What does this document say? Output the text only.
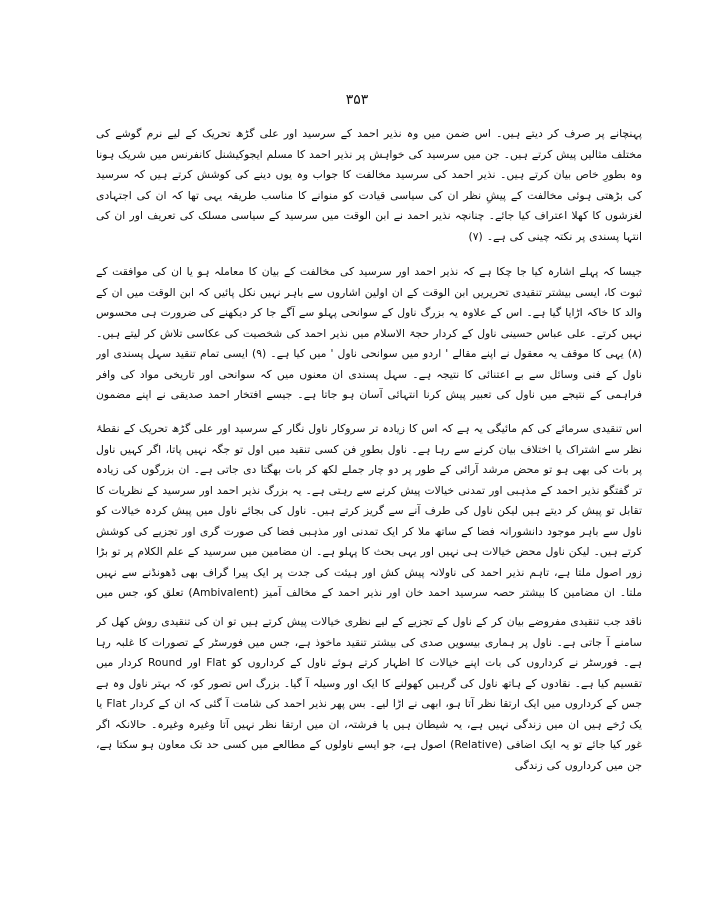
۳۵۳

پہنچانے پر صرف کر دیتے ہیں۔ اس ضمن میں وہ نذیر احمد کے سرسید اور علی گڑھ تحریک کے لیے نرم گوشے کی مختلف مثالیں پیش کرتے ہیں۔ جن میں سرسید کی خواہش پر نذیر احمد کا مسلم ایجوکیشنل کانفرنس میں شریک ہونا وہ بطورِ خاص بیان کرتے ہیں۔ نذیر احمد کی سرسید مخالفت کا جواب وہ یوں دینے کی کوشش کرتے ہیں کہ سرسید کی بڑھتی ہوئی مخالفت کے پیشِ نظر ان کی سیاسی قیادت کو منوانے کا مناسب طریقہ یہی تھا کہ ان کی اجتہادی لغزشوں کا کھلا اعتراف کیا جائے۔ چنانچہ نذیر احمد نے ابن الوقت میں سرسید کے سیاسی مسلک کی تعریف اور ان کی انتہا پسندی پر نکتہ چینی کی ہے۔ (۷)

جیسا کہ پہلے اشارہ کیا جا چکا ہے کہ نذیر احمد اور سرسید کی مخالفت کے بیان کا معاملہ ہو یا ان کی موافقت کے ثبوت کا، ایسی بیشتر تنقیدی تحریریں ابن الوقت کے ان اولین اشاروں سے باہر نہیں نکل پائیں کہ ابن الوقت میں ان کے والد کا خاکہ اڑایا گیا ہے۔ اس کے علاوہ یہ بزرگ ناول کے سوانحی پہلو سے آگے جا کر دیکھنے کی ضرورت ہی محسوس نہیں کرتے۔ علی عباس حسینی ناول کے کردار حجۃ الاسلام میں نذیر احمد کی شخصیت کی عکاسی تلاش کر لیتے ہیں۔ (۸) یہی کا موقف یہ معقول نے اپنے مقالے ' اردو میں سوانحی ناول ' میں کیا ہے۔ (۹) ایسی تمام تنقید سہل پسندی اور ناول کے فنی وسائل سے بے اعتنائی کا نتیجہ ہے۔ سہل پسندی ان معنوں میں کہ سوانحی اور تاریخی مواد کی وافر فراہمی کے نتیجے میں ناول کی تعبیر پیش کرنا انتہائی آسان ہو جاتا ہے۔ جیسے افتخار احمد صدیقی نے اپنے مضمون

اس تنقیدی سرمائے کی کم مائیگی یہ ہے کہ اس کا زیادہ تر سروکار ناول نگار کے سرسید اور علی گڑھ تحریک کے نقطۂ نظر سے اشتراک یا اختلاف بیان کرنے سے رہا ہے۔ ناول بطورِ فن کسی تنقید میں اول تو جگہ نہیں پاتا، اگر کہیں ناول پر بات کی بھی ہو تو محض مرشد آرائی کے طور پر دو چار جملے لکھ کر بات بھگتا دی جاتی ہے۔ ان بزرگوں کی زیادہ تر گفتگو نذیر احمد کے مذہبی اور تمدنی خیالات پیش کرنے سے رہتی ہے۔ یہ بزرگ نذیر احمد اور سرسید کے نظریات کا تقابل تو پیش کر دیتے ہیں لیکن ناول کی طرف آنے سے گریز کرتے ہیں۔ ناول کی بجائے ناول میں پیش کردہ خیالات کو ناول سے باہر موجود دانشورانہ فضا کے ساتھ ملا کر ایک تمدنی اور مذہبی فضا کی صورت گری اور تجزیے کی کوشش کرتے ہیں۔ لیکن ناول محض خیالات ہی نہیں اور یہی بحث کا پہلو ہے۔ ان مضامین میں سرسید کے علم الکلام پر تو بڑا زور اصول ملتا ہے، تاہم نذیر احمد کی ناولانہ پیش کش اور ہیئت کی جدت پر ایک پیرا گراف بھی ڈھونڈنے سے نہیں ملتا۔ ان مضامین کا بیشتر حصہ سرسید احمد خان اور نذیر احمد کے مخالف آمیز (Ambivalent) تعلق کو، جس میں

ناقد جب تنقیدی مفروضے بیان کر کے ناول کے تجزیے کے لیے نظری خیالات پیش کرتے ہیں تو ان کی تنقیدی روش کھل کر سامنے آ جاتی ہے۔ ناول پر ہماری بیسویں صدی کی بیشتر تنقید ماخوذ ہے، جس میں فورسٹر کے تصورات کا غلبہ رہا ہے۔ فورسٹر نے کرداروں کی بات اپنے خیالات کا اظہار کرتے ہوئے ناول کے کرداروں کو Flat اور Round کردار میں تقسیم کیا ہے۔ نقادوں کے ہاتھ ناول کی گرہیں کھولنے کا ایک اور وسیلہ آ گیا۔ بزرگ اس تصور کو، کہ بہتر ناول وہ ہے جس کے کرداروں میں ایک ارتقا نظر آتا ہو، ابھی نے اڑا لیے۔ بس پھر نذیر احمد کی شامت آ گئی کہ ان کے کردار Flat یا یک رُخے ہیں ان میں زندگی نہیں ہے، یہ شیطان ہیں یا فرشتہ، ان میں ارتقا نظر نہیں آتا وغیرہ وغیرہ۔ حالانکہ اگر غور کیا جائے تو یہ ایک اضافی (Relative) اصول ہے، جو ایسے ناولوں کے مطالعے میں کسی حد تک معاون ہو سکتا ہے، جن میں کرداروں کی زندگی
